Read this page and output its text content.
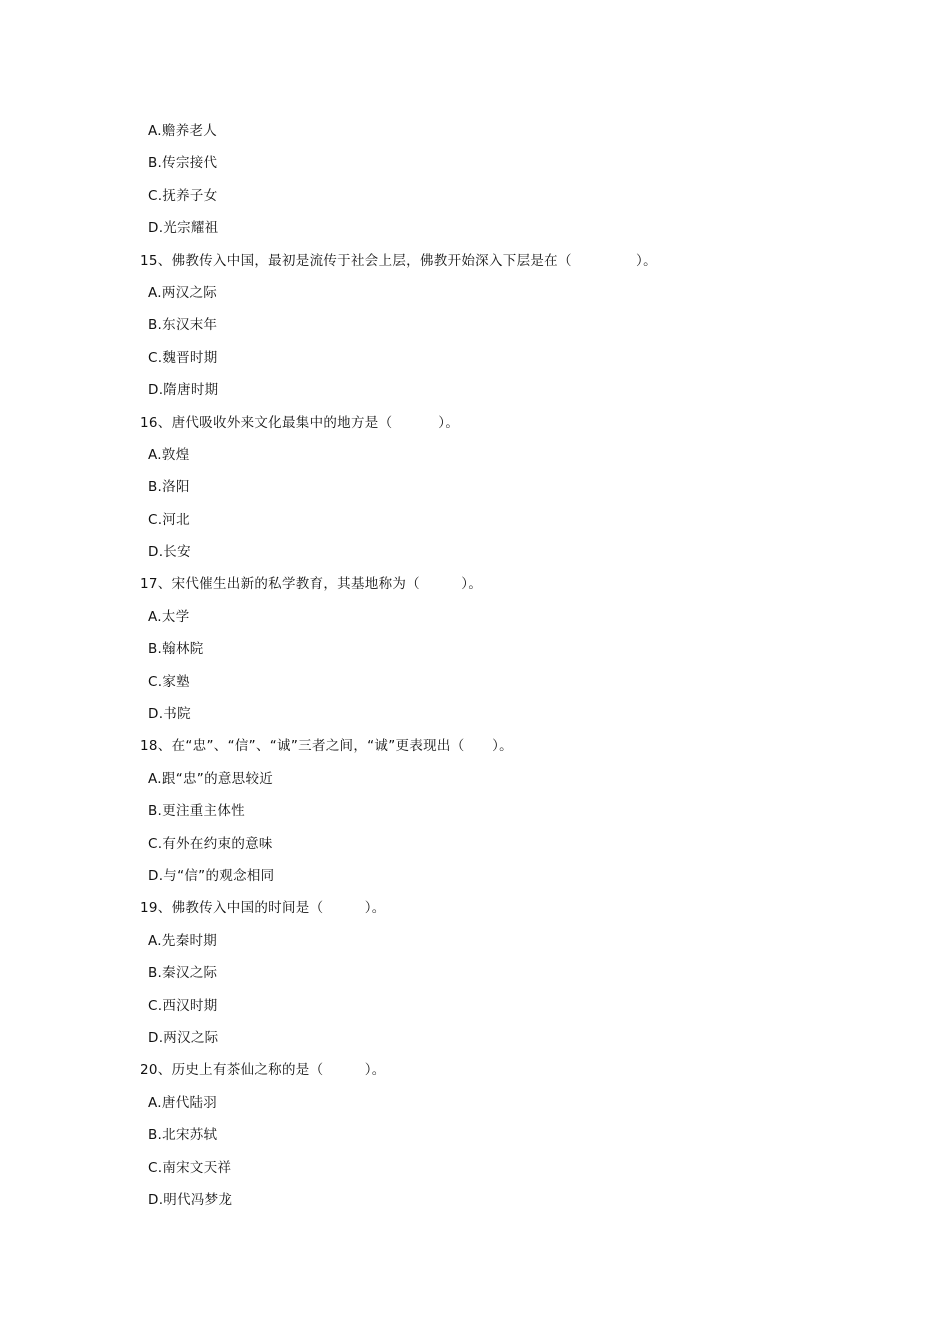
A.赡养老人
B.传宗接代
C.抚养子女
D.光宗耀祖
15、佛教传入中国，最初是流传于社会上层，佛教开始深入下层是在（              ）。
A.两汉之际
B.东汉末年
C.魏晋时期
D.隋唐时期
16、唐代吸收外来文化最集中的地方是（          ）。
A.敦煌
B.洛阳
C.河北
D.长安
17、宋代催生出新的私学教育，其基地称为（         ）。
A.太学
B.翰林院
C.家塾
D.书院
18、在“忠”、“信”、“诚”三者之间，“诚”更表现出（      ）。
A.跟“忠”的意思较近
B.更注重主体性
C.有外在约束的意味
D.与“信”的观念相同
19、佛教传入中国的时间是（         ）。
A.先秦时期
B.秦汉之际
C.西汉时期
D.两汉之际
20、历史上有茶仙之称的是（         ）。
A.唐代陆羽
B.北宋苏轼
C.南宋文天祥
D.明代冯梦龙
